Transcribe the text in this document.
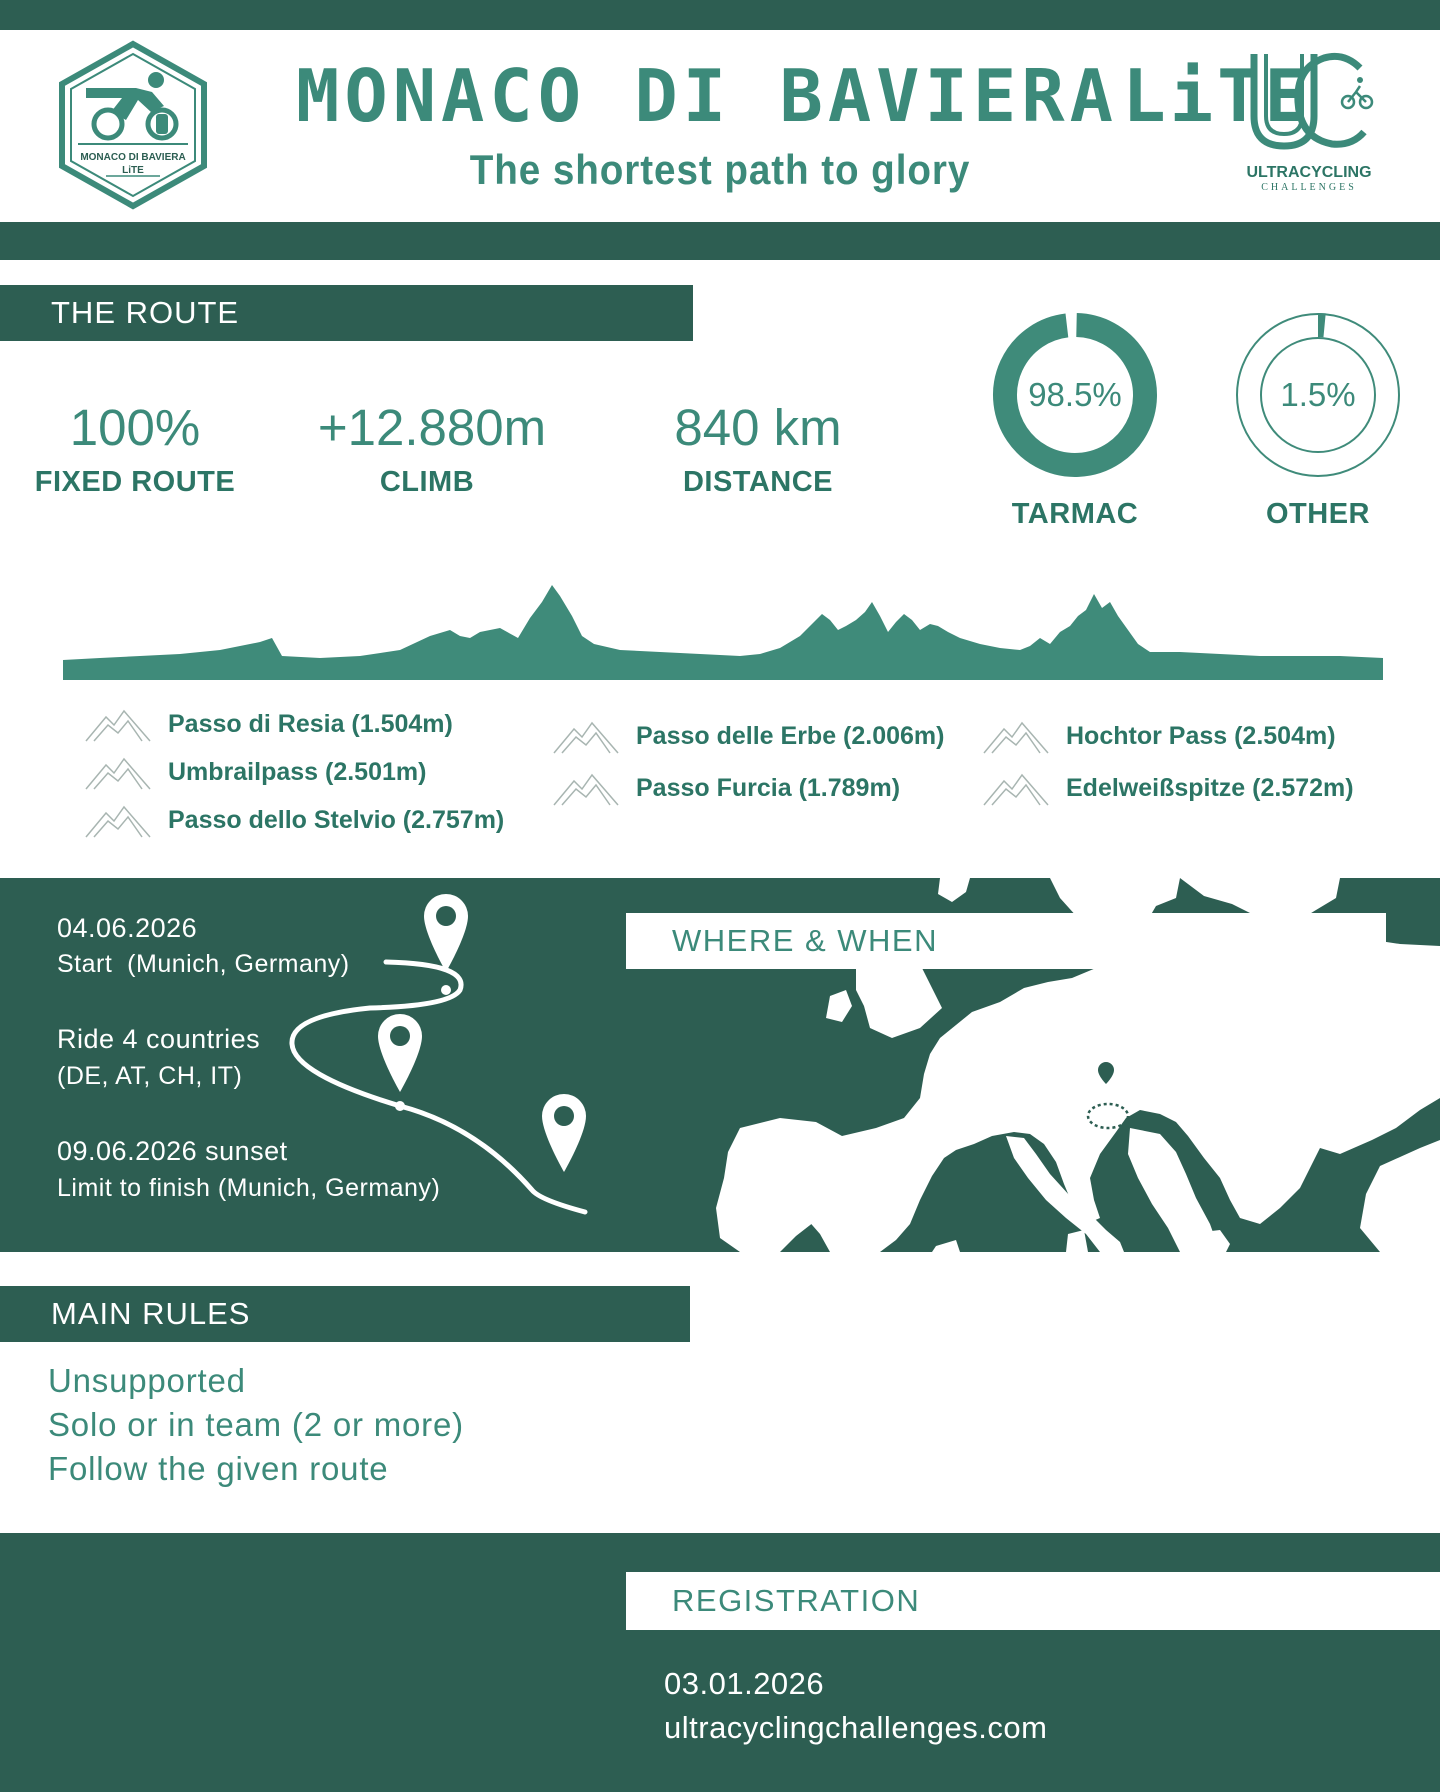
MONACO DI BAVIERA
LiTE
MONACO DI BAVIERA LiTE
The shortest path to glory	ULTRACYCLING
CHALLENGES
THE ROUTE
100%
FIXED ROUTE
+12.880m
CLIMB
840 km
DISTANCE
98.5%
TARMAC
1.5%
OTHER
Passo di Resia (1.504m)
Umbrailpass (2.501m)
Passo dello Stelvio (2.757m)
Passo delle Erbe (2.006m)
Passo Furcia (1.789m)
Hochtor Pass (2.504m)
Edelweißspitze (2.572m)
04.06.2026
Start  (Munich, Germany)
Ride 4 countries
(DE, AT, CH, IT)
09.06.2026 sunset
Limit to finish (Munich, Germany)
WHERE & WHEN
MAIN RULES
Unsupported
Solo or in team (2 or more)
Follow the given route
REGISTRATION
03.01.2026
ultracyclingchallenges.com
